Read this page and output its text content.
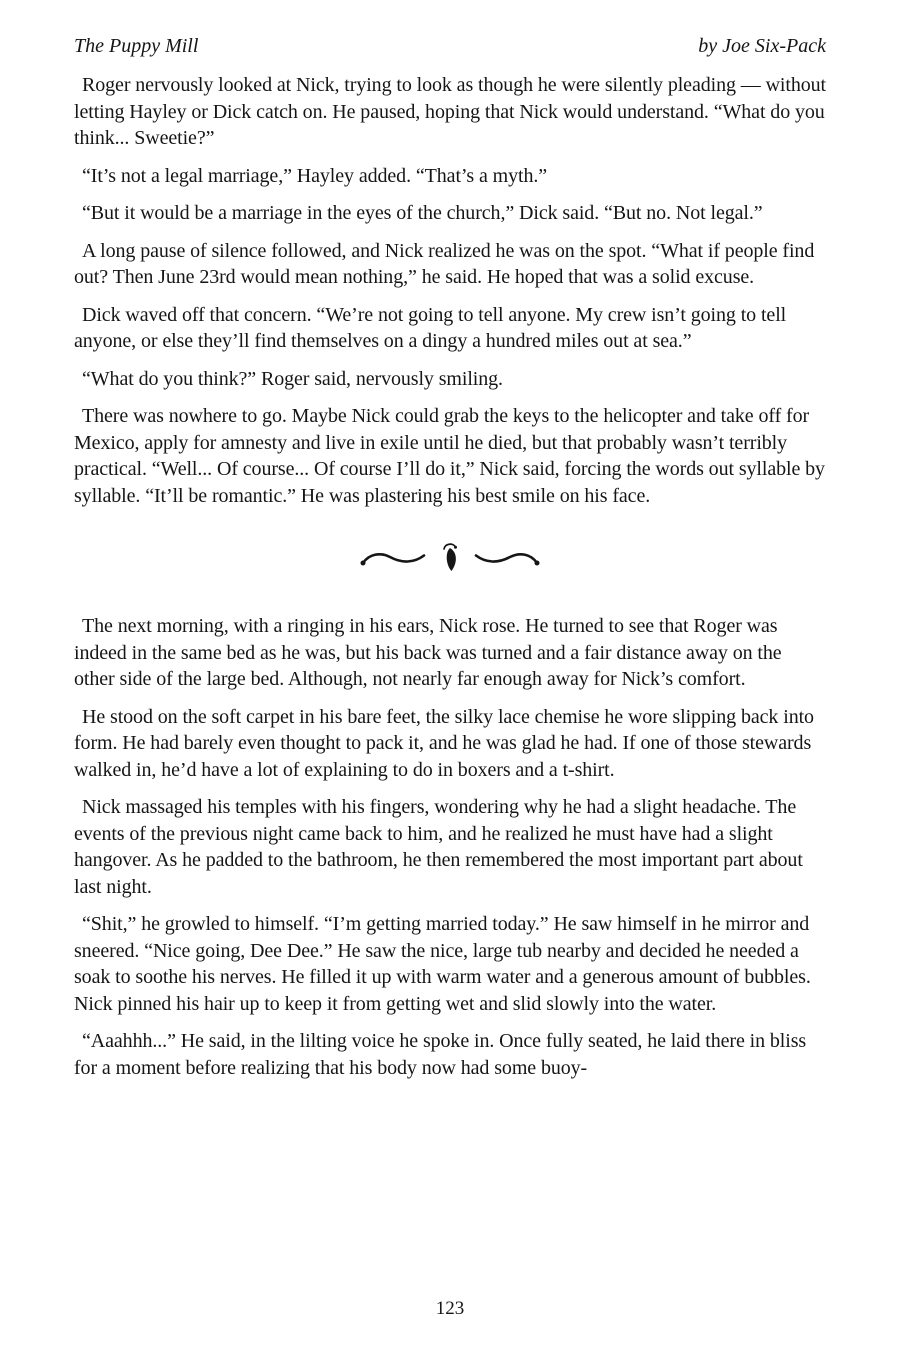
The Puppy Mill	by Joe Six-Pack

Roger nervously looked at Nick, trying to look as though he were silently pleading — without letting Hayley or Dick catch on. He paused, hoping that Nick would understand. “What do you think... Sweetie?”

“It’s not a legal marriage,” Hayley added. “That’s a myth.”

“But it would be a marriage in the eyes of the church,” Dick said. “But no. Not legal.”

A long pause of silence followed, and Nick realized he was on the spot. “What if people find out? Then June 23rd would mean nothing,” he said. He hoped that was a solid excuse.

Dick waved off that concern. “We’re not going to tell anyone. My crew isn’t going to tell anyone, or else they’ll find themselves on a dingy a hundred miles out at sea.”

“What do you think?” Roger said, nervously smiling.

There was nowhere to go. Maybe Nick could grab the keys to the helicopter and take off for Mexico, apply for amnesty and live in exile until he died, but that probably wasn’t terribly practical. “Well... Of course... Of course I’ll do it,” Nick said, forcing the words out syllable by syllable. “It’ll be romantic.” He was plastering his best smile on his face.

The next morning, with a ringing in his ears, Nick rose. He turned to see that Roger was indeed in the same bed as he was, but his back was turned and a fair distance away on the other side of the large bed. Although, not nearly far enough away for Nick’s comfort.

He stood on the soft carpet in his bare feet, the silky lace chemise he wore slipping back into form. He had barely even thought to pack it, and he was glad he had. If one of those stewards walked in, he’d have a lot of explaining to do in boxers and a t-shirt.

Nick massaged his temples with his fingers, wondering why he had a slight headache. The events of the previous night came back to him, and he realized he must have had a slight hangover. As he padded to the bathroom, he then remembered the most important part about last night.

“Shit,” he growled to himself. “I’m getting married today.” He saw himself in he mirror and sneered. “Nice going, Dee Dee.” He saw the nice, large tub nearby and decided he needed a soak to soothe his nerves. He filled it up with warm water and a generous amount of bubbles. Nick pinned his hair up to keep it from getting wet and slid slowly into the water.

“Aaahhh...” He said, in the lilting voice he spoke in. Once fully seated, he laid there in bliss for a moment before realizing that his body now had some buoy-

123
